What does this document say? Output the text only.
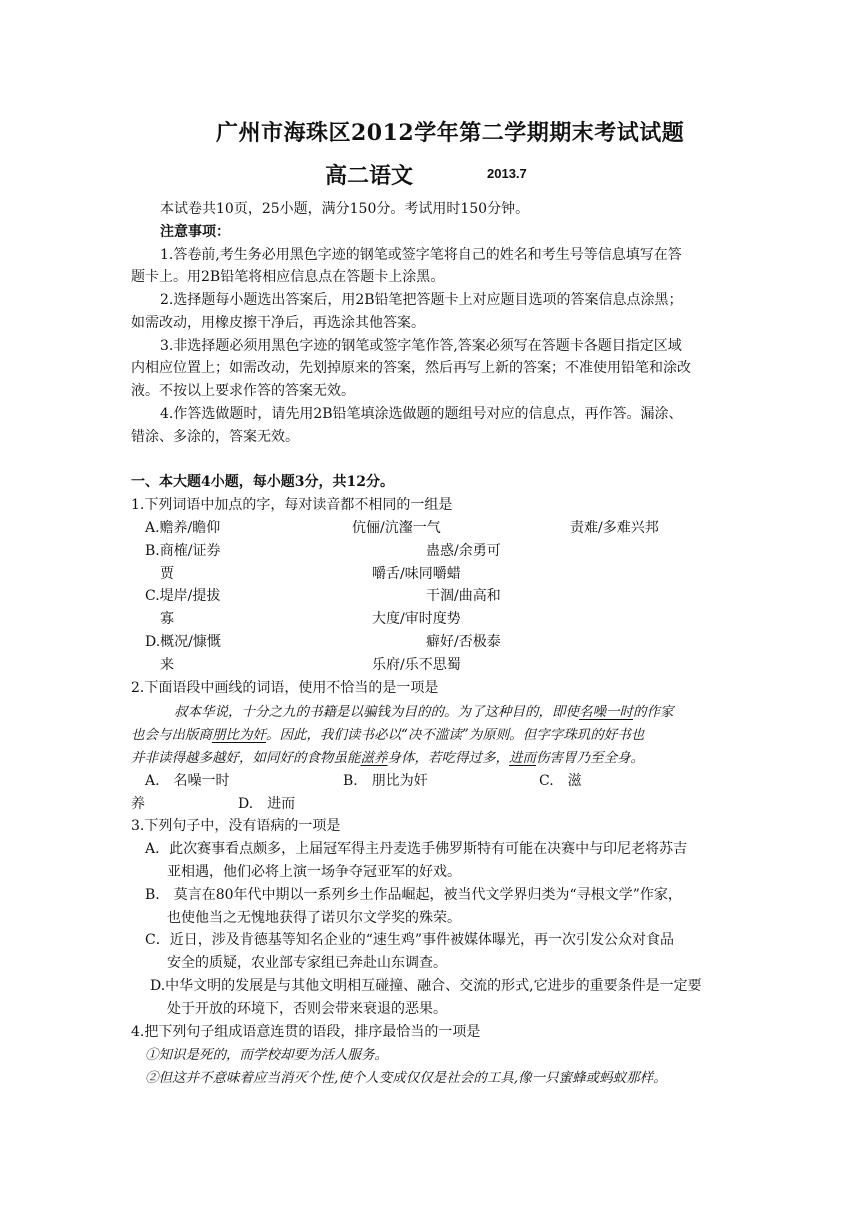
广州市海珠区2012学年第二学期期末考试试题
高二语文	2013.7
本试卷共10页，25小题，满分150分。考试用时150分钟。
注意事项：
1.答卷前,考生务必用黑色字迹的钢笔或签字笔将自己的姓名和考生号等信息填写在答
题卡上。用2B铅笔将相应信息点在答题卡上涂黑。
2.选择题每小题选出答案后，用2B铅笔把答题卡上对应题目选项的答案信息点涂黑；
如需改动，用橡皮擦干净后，再选涂其他答案。
3.非选择题必须用黑色字迹的钢笔或签字笔作答,答案必须写在答题卡各题目指定区域
内相应位置上；如需改动，先划掉原来的答案，然后再写上新的答案；不准使用铅笔和涂改
液。不按以上要求作答的答案无效。
4.作答选做题时，请先用2B铅笔填涂选做题的题组号对应的信息点，再作答。漏涂、
错涂、多涂的，答案无效。
一、本大题4小题，每小题3分，共12分。
1.下列词语中加点的字，每对读音都不相同的一组是
A.赡养/瞻仰	伉俪/沆瀣一气	责难/多难兴邦
B.商榷/证券	蛊惑/余勇可
贾	嚼舌/味同嚼蜡
C.堤岸/提拔	干涸/曲高和
寡	大度/审时度势
D.概况/慷慨	癖好/否极泰
来	乐府/乐不思蜀
2.下面语段中画线的词语，使用不恰当的是一项是
叔本华说，十分之九的书籍是以骗钱为目的的。为了这种目的，即使名噪一时的作家
也会与出版商朋比为奸。因此，我们读书必以“决不滥读”为原则。但字字珠玑的好书也
并非读得越多越好，如同好的食物虽能滋养身体，若吃得过多，进而伤害胃乃至全身。
A.　名噪一时	B.　朋比为奸	C.　滋
养	D.　进而
3.下列句子中，没有语病的一项是
A．此次赛事看点颇多，上届冠军得主丹麦选手佛罗斯特有可能在决赛中与印尼老将苏吉
亚相遇，他们必将上演一场争夺冠亚军的好戏。
B.　莫言在80年代中期以一系列乡土作品崛起，被当代文学界归类为“寻根文学”作家，
也使他当之无愧地获得了诺贝尔文学奖的殊荣。
C．近日，涉及肯德基等知名企业的“速生鸡”事件被媒体曝光，再一次引发公众对食品
安全的质疑，农业部专家组已奔赴山东调查。
D.中华文明的发展是与其他文明相互碰撞、融合、交流的形式,它进步的重要条件是一定要
处于开放的环境下，否则会带来衰退的恶果。
4.把下列句子组成语意连贯的语段，排序最恰当的一项是
①知识是死的，而学校却要为活人服务。
②但这并不意味着应当消灭个性,使个人变成仅仅是社会的工具,像一只蜜蜂或蚂蚁那样。
